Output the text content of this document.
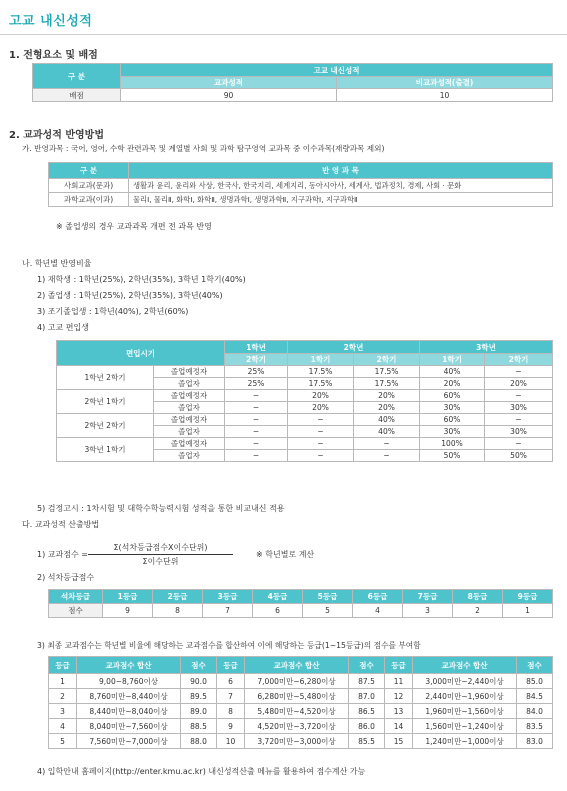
고교 내신성적
1. 전형요소 및 배점
구 분	고교 내신성적	
	교과성적	비교과성적(출결)
배점	90	10
2. 교과성적 반영방법
가. 반영과목 : 국어, 영어, 수학 관련과목 및 계열별 사회 및 과학 탐구영역 교과목 중 이수과목(재량과목 제외)
구 분	반 영 과 목
사회교과(문과)	생활과 윤리, 윤리와 사상, 한국사, 한국지리, 세계지리, 동아시아사, 세계사, 법과정치, 경제, 사회 · 문화
과학교과(이과)	물리Ⅰ, 물리Ⅱ, 화학Ⅰ, 화학Ⅱ, 생명과학Ⅰ, 생명과학Ⅱ, 지구과학Ⅰ, 지구과학Ⅱ
※ 졸업생의 경우 교과과목 개편 전 과목 반영
나. 학년별 반영비율
1) 재학생 : 1학년(25%), 2학년(35%), 3학년 1학기(40%)
2) 졸업생 : 1학년(25%), 2학년(35%), 3학년(40%)
3) 조기졸업생 : 1학년(40%), 2학년(60%)
4) 고교 편입생
편입시기		1학년	2학년		3학년	
		2학기	1학기	2학기	1학기	2학기
1학년 2학기	졸업예정자	25%	17.5%	17.5%	40%	−
	졸업자	25%	17.5%	17.5%	20%	20%
2학년 1학기	졸업예정자	−	20%	20%	60%	−
	졸업자	−	20%	20%	30%	30%
2학년 2학기	졸업예정자	−	−	40%	60%	−
	졸업자	−	−	40%	30%	30%
3학년 1학기	졸업예정자	−	−	−	100%	−
	졸업자	−	−	−	50%	50%
5) 검정고시 : 1차시험 및 대학수학능력시험 성적을 통한 비교내신 적용
다. 교과성적 산출방법
1) 교과점수 =
Σ(석차등급점수X이수단위)
Σ이수단위
※ 학년별로 계산
2) 석차등급점수
석차등급	1등급	2등급	3등급	4등급	5등급	6등급	7등급	8등급	9등급
점수	9	8	7	6	5	4	3	2	1
3) 최종 교과점수는 학년별 비율에 해당하는 교과점수를 합산하여 이에 해당하는 등급(1~15등급)의 점수를 부여함
등급	교과점수 합산	점수	등급	교과점수 합산	점수	등급	교과점수 합산	점수
1	9,00~8,760이상	90.0	6	7,000미만~6,280이상	87.5	11	3,000미만~2,440이상	85.0
2	8,760미만~8,440이상	89.5	7	6,280미만~5,480이상	87.0	12	2,440미만~1,960이상	84.5
3	8,440미만~8,040이상	89.0	8	5,480미만~4,520이상	86.5	13	1,960미만~1,560이상	84.0
4	8,040미만~7,560이상	88.5	9	4,520미만~3,720이상	86.0	14	1,560미만~1,240이상	83.5
5	7,560미만~7,000이상	88.0	10	3,720미만~3,000이상	85.5	15	1,240미만~1,000이상	83.0
4) 입학안내 홈페이지(http://enter.kmu.ac.kr) 내신성적산출 메뉴를 활용하여 점수계산 가능
